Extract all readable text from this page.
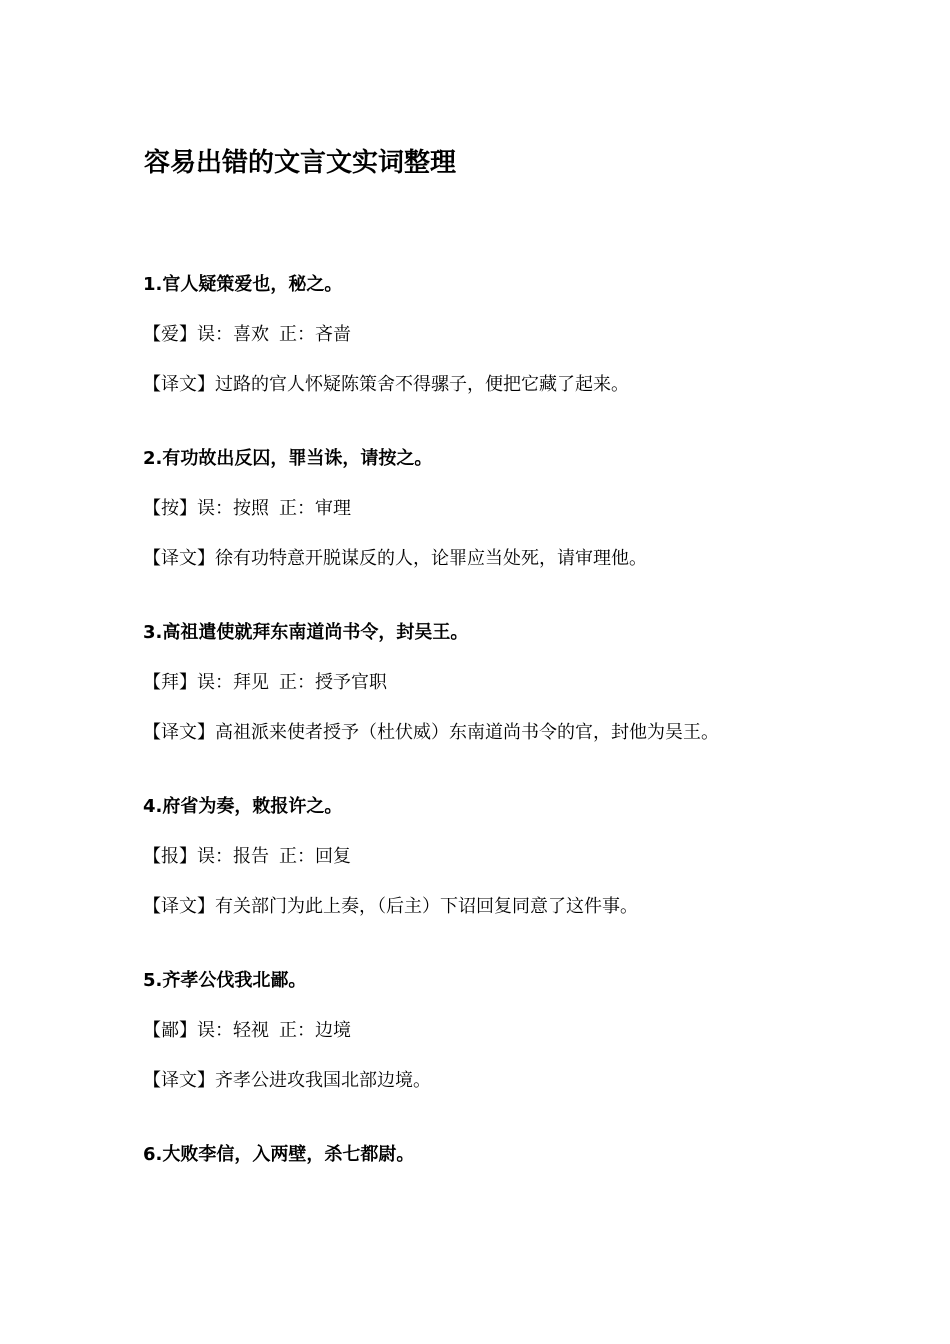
容易出错的文言文实词整理
1.官人疑策爱也，秘之。
【爱】误：喜欢 正：吝啬
【译文】过路的官人怀疑陈策舍不得骡子，便把它藏了起来。
2.有功故出反囚，罪当诛，请按之。
【按】误：按照 正：审理
【译文】徐有功特意开脱谋反的人，论罪应当处死，请审理他。
3.高祖遣使就拜东南道尚书令，封吴王。
【拜】误：拜见 正：授予官职
【译文】高祖派来使者授予（杜伏威）东南道尚书令的官，封他为吴王。
4.府省为奏，敕报许之。
【报】误：报告 正：回复
【译文】有关部门为此上奏，（后主）下诏回复同意了这件事。
5.齐孝公伐我北鄙。
【鄙】误：轻视 正：边境
【译文】齐孝公进攻我国北部边境。
6.大败李信，入两壁，杀七都尉。
